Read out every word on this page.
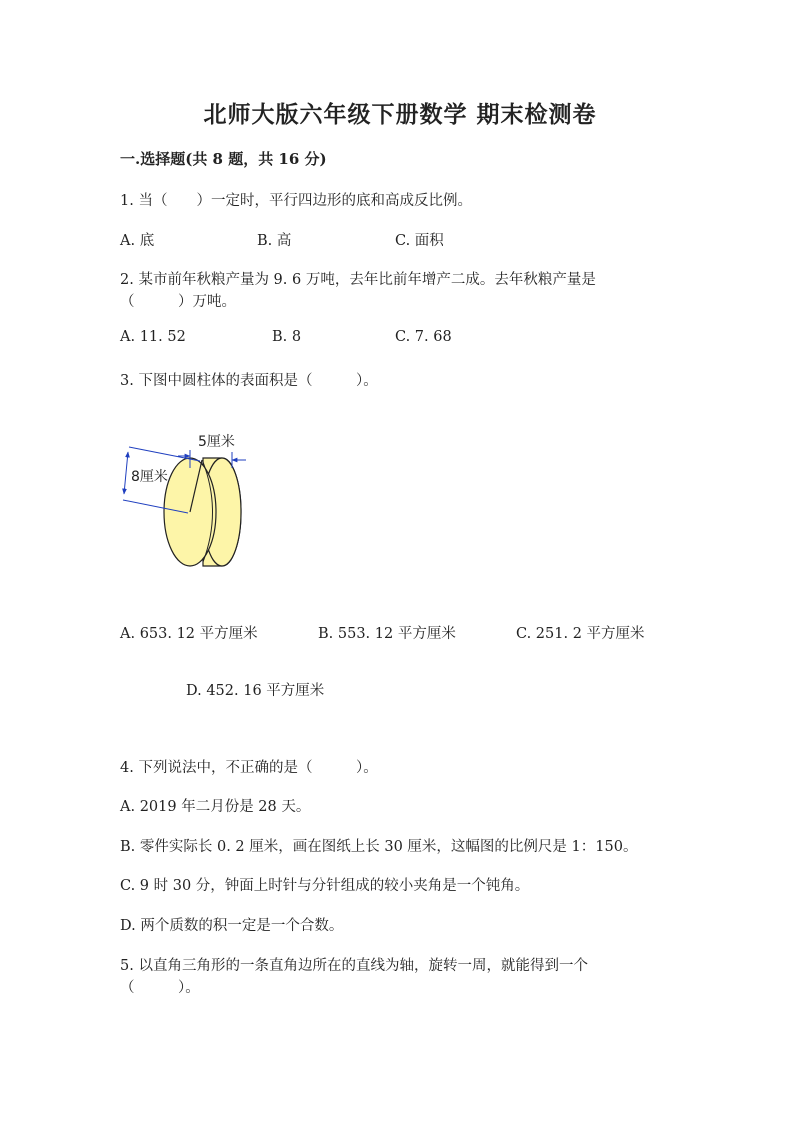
北师大版六年级下册数学 期末检测卷
一.选择题(共 8 题，共 16 分)
1. 当（　　）一定时，平行四边形的底和高成反比例。
A. 底	B. 高	C. 面积
2. 某市前年秋粮产量为 9. 6 万吨，去年比前年增产二成。去年秋粮产量是
（　　　）万吨。
A. 11. 52	B. 8	C. 7. 68
3. 下图中圆柱体的表面积是（　　　）。
5厘米
8厘米
A. 653. 12 平方厘米	B. 553. 12 平方厘米	C. 251. 2 平方厘米
D. 452. 16 平方厘米
4. 下列说法中，不正确的是（　　　）。
A. 2019 年二月份是 28 天。
B. 零件实际长 0. 2 厘米，画在图纸上长 30 厘米，这幅图的比例尺是 1：150。
C. 9 时 30 分，钟面上时针与分针组成的较小夹角是一个钝角。
D. 两个质数的积一定是一个合数。
5. 以直角三角形的一条直角边所在的直线为轴，旋转一周，就能得到一个
（　　　）。
